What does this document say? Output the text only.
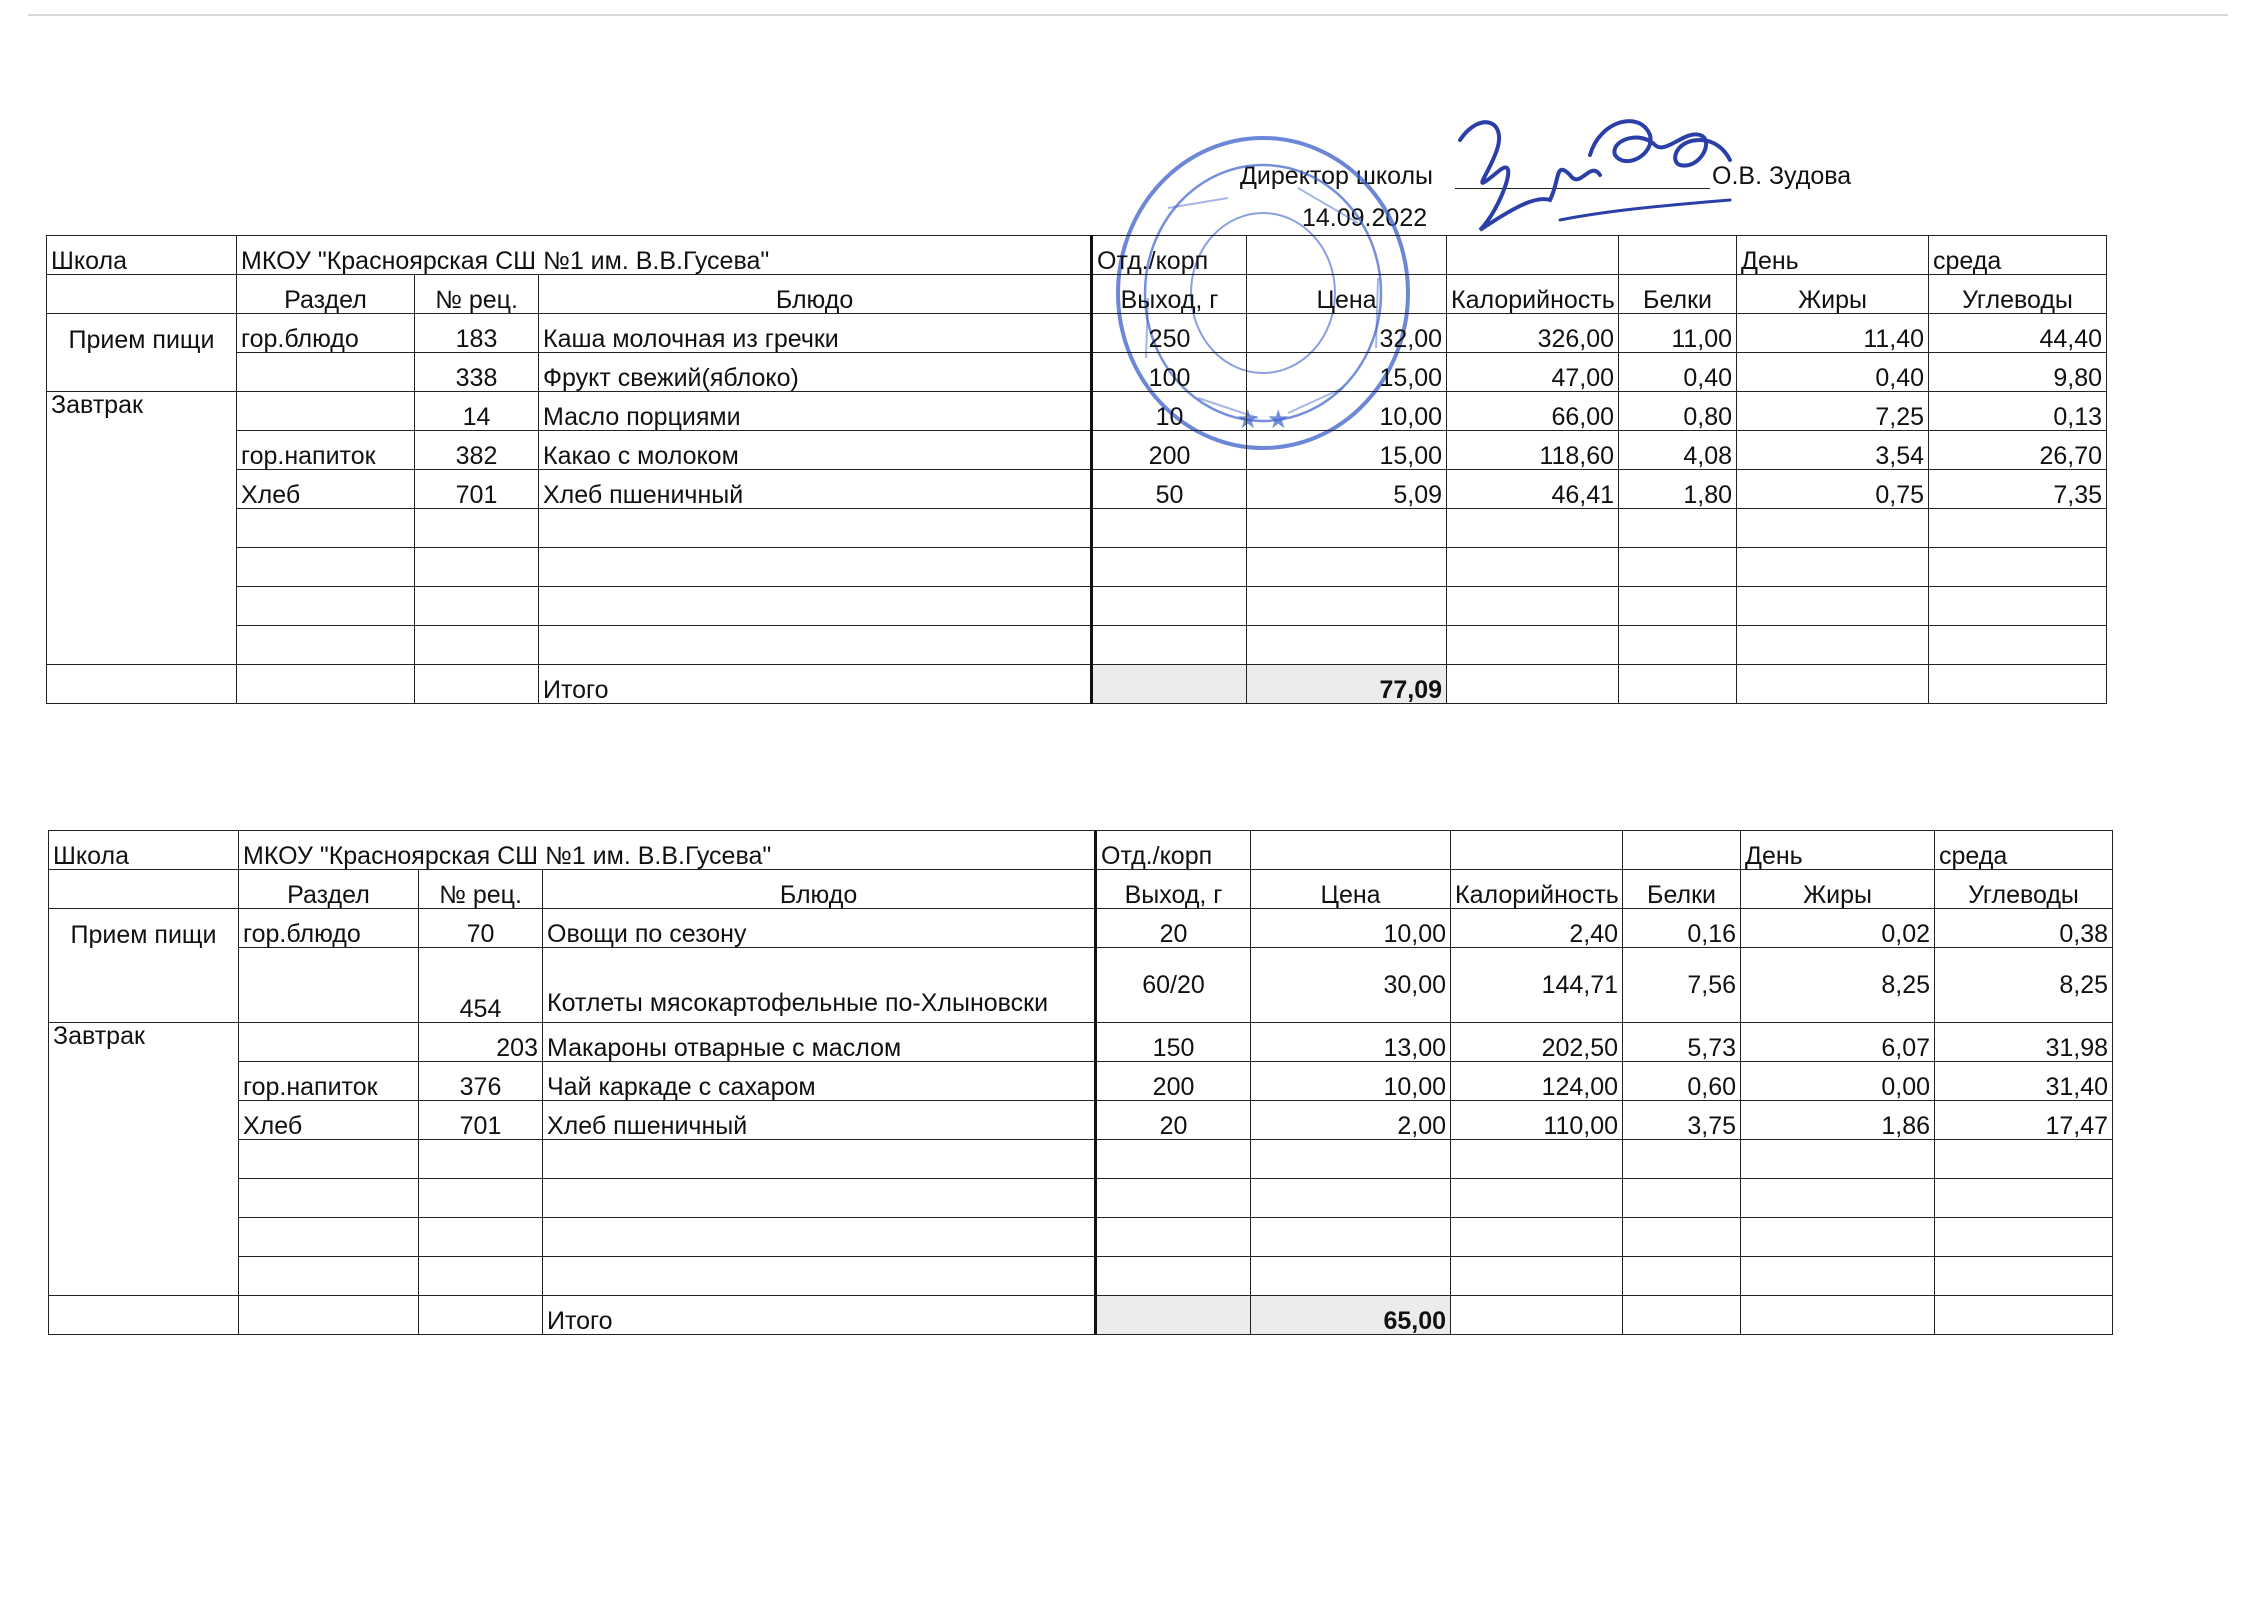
Директор школы	О.В. Зудова
14.09.2022
★ ★
Школа	МКОУ "Красноярская СШ №1 им. В.В.Гусева"			Отд./корп				День	среда
	Раздел	№ рец.	Блюдо	Выход, г	Цена	Калорийность	Белки	Жиры	Углеводы
Прием пищи	гор.блюдо	183	Каша молочная из гречки	250	32,00	326,00	11,00	11,40	44,40
		338	Фрукт свежий(яблоко)	100	15,00	47,00	0,40	0,40	9,80
Завтрак		14	Масло порциями	10	10,00	66,00	0,80	7,25	0,13
	гор.напиток	382	Какао с молоком	200	15,00	118,60	4,08	3,54	26,70
	Хлеб	701	Хлеб пшеничный	50	5,09	46,41	1,80	0,75	7,35

			Итого		77,09				
Школа	МКОУ "Красноярская СШ №1 им. В.В.Гусева"			Отд./корп				День	среда
	Раздел	№ рец.	Блюдо	Выход, г	Цена	Калорийность	Белки	Жиры	Углеводы
Прием пищи	гор.блюдо	70	Овощи по сезону	20	10,00	2,40	0,16	0,02	0,38
		454	Котлеты мясокартофельные по-Хлыновски	60/20	30,00	144,71	7,56	8,25	8,25
Завтрак		203	Макароны отварные с маслом	150	13,00	202,50	5,73	6,07	31,98
	гор.напиток	376	Чай каркаде с сахаром	200	10,00	124,00	0,60	0,00	31,40
	Хлеб	701	Хлеб пшеничный	20	2,00	110,00	3,75	1,86	17,47

			Итого		65,00				
